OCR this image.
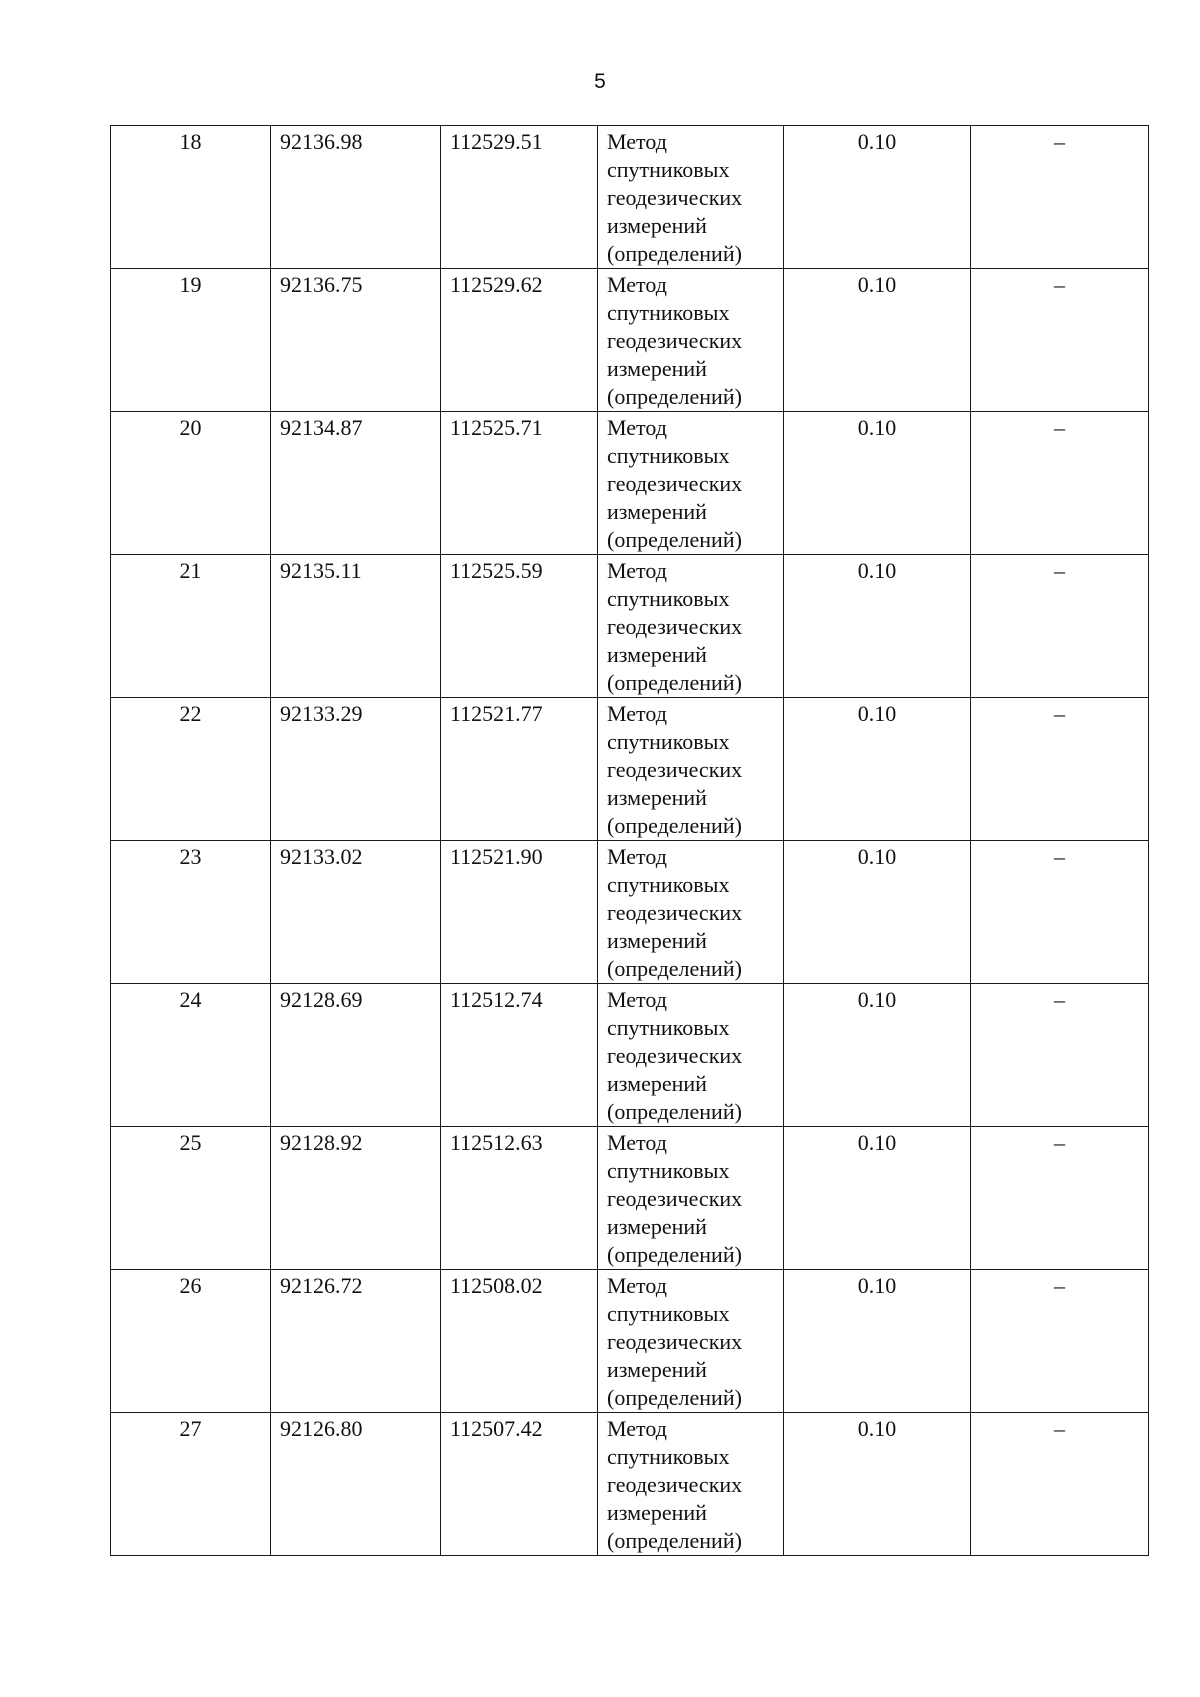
5
18	92136.98	112529.51	Метод
спутниковых
геодезических
измерений
(определений)	0.10	–
19	92136.75	112529.62	Метод
спутниковых
геодезических
измерений
(определений)	0.10	–
20	92134.87	112525.71	Метод
спутниковых
геодезических
измерений
(определений)	0.10	–
21	92135.11	112525.59	Метод
спутниковых
геодезических
измерений
(определений)	0.10	–
22	92133.29	112521.77	Метод
спутниковых
геодезических
измерений
(определений)	0.10	–
23	92133.02	112521.90	Метод
спутниковых
геодезических
измерений
(определений)	0.10	–
24	92128.69	112512.74	Метод
спутниковых
геодезических
измерений
(определений)	0.10	–
25	92128.92	112512.63	Метод
спутниковых
геодезических
измерений
(определений)	0.10	–
26	92126.72	112508.02	Метод
спутниковых
геодезических
измерений
(определений)	0.10	–
27	92126.80	112507.42	Метод
спутниковых
геодезических
измерений
(определений)	0.10	–
